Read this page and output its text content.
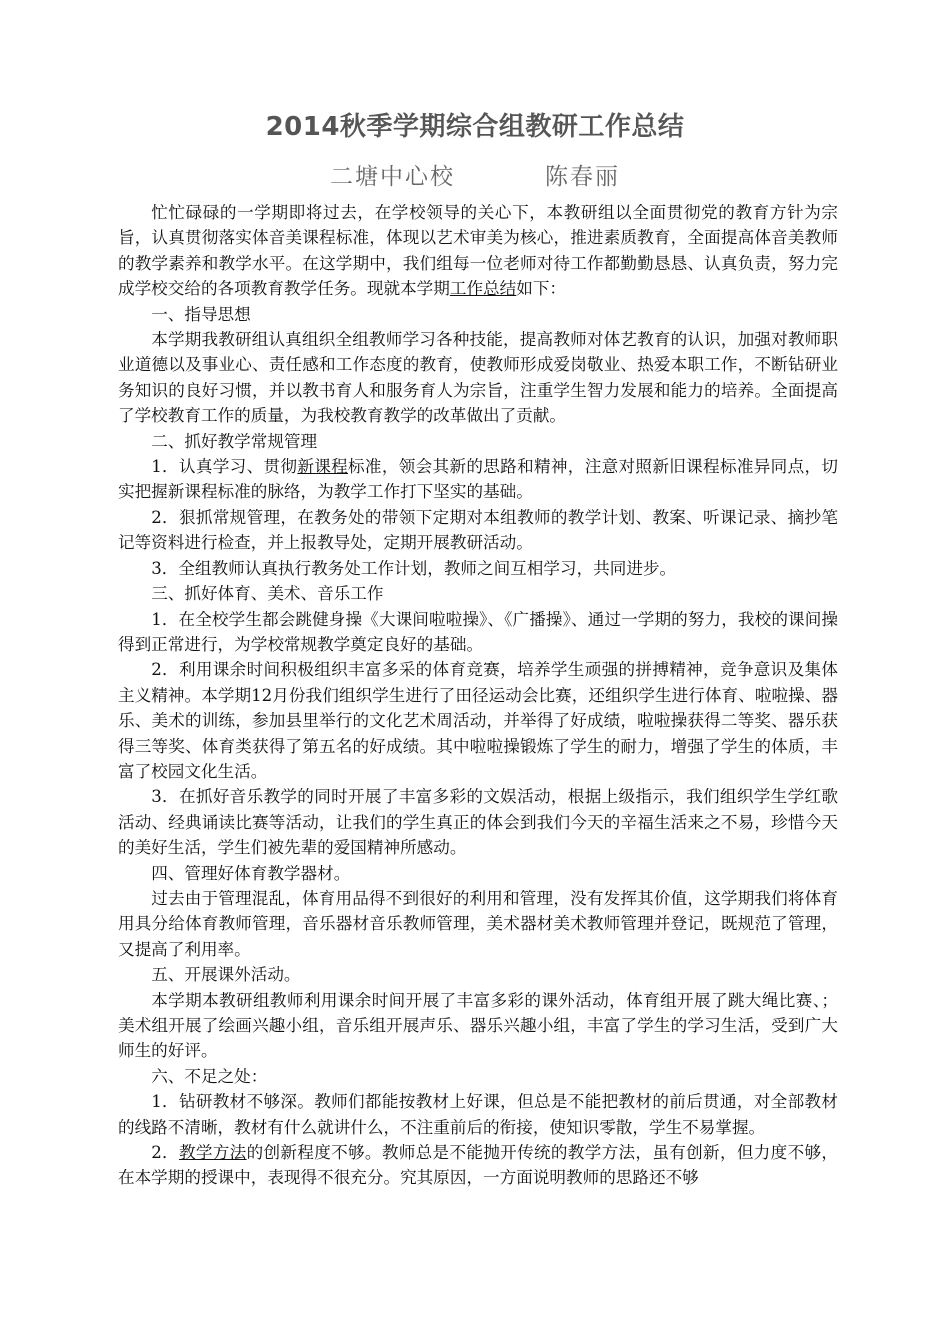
2014秋季学期综合组教研工作总结
二塘中心校	陈春丽

忙忙碌碌的一学期即将过去，在学校领导的关心下，本教研组以全面贯彻党的教育方针为宗旨，认真贯彻落实体音美课程标准，体现以艺术审美为核心，推进素质教育，全面提高体音美教师的教学素养和教学水平。在这学期中，我们组每一位老师对待工作都勤勤恳恳、认真负责，努力完成学校交给的各项教育教学任务。现就本学期工作总结如下：

一、指导思想

本学期我教研组认真组织全组教师学习各种技能，提高教师对体艺教育的认识，加强对教师职业道德以及事业心、责任感和工作态度的教育，使教师形成爱岗敬业、热爱本职工作，不断钻研业务知识的良好习惯，并以教书育人和服务育人为宗旨，注重学生智力发展和能力的培养。全面提高了学校教育工作的质量，为我校教育教学的改革做出了贡献。

二、抓好教学常规管理

1．认真学习、贯彻新课程标准，领会其新的思路和精神，注意对照新旧课程标准异同点，切实把握新课程标准的脉络，为教学工作打下坚实的基础。

2．狠抓常规管理，在教务处的带领下定期对本组教师的教学计划、教案、听课记录、摘抄笔记等资料进行检查，并上报教导处，定期开展教研活动。

3．全组教师认真执行教务处工作计划，教师之间互相学习，共同进步。

三、抓好体育、美术、音乐工作

1．在全校学生都会跳健身操《大课间啦啦操》、《广播操》、通过一学期的努力，我校的课间操得到正常进行，为学校常规教学奠定良好的基础。

2．利用课余时间积极组织丰富多采的体育竞赛，培养学生顽强的拼搏精神，竞争意识及集体主义精神。本学期12月份我们组织学生进行了田径运动会比赛，还组织学生进行体育、啦啦操、器乐、美术的训练，参加县里举行的文化艺术周活动，并举得了好成绩，啦啦操获得二等奖、器乐获得三等奖、体育类获得了第五名的好成绩。其中啦啦操锻炼了学生的耐力，增强了学生的体质，丰富了校园文化生活。

3．在抓好音乐教学的同时开展了丰富多彩的文娱活动，根据上级指示，我们组织学生学红歌活动、经典诵读比赛等活动，让我们的学生真正的体会到我们今天的辛福生活来之不易，珍惜今天的美好生活，学生们被先辈的爱国精神所感动。

四、管理好体育教学器材。

过去由于管理混乱，体育用品得不到很好的利用和管理，没有发挥其价值，这学期我们将体育用具分给体育教师管理，音乐器材音乐教师管理，美术器材美术教师管理并登记，既规范了管理，又提高了利用率。

五、开展课外活动。

本学期本教研组教师利用课余时间开展了丰富多彩的课外活动，体育组开展了跳大绳比赛、；美术组开展了绘画兴趣小组，音乐组开展声乐、器乐兴趣小组，丰富了学生的学习生活，受到广大师生的好评。

六、不足之处：

1．钻研教材不够深。教师们都能按教材上好课，但总是不能把教材的前后贯通，对全部教材的线路不清晰，教材有什么就讲什么，不注重前后的衔接，使知识零散，学生不易掌握。

2．教学方法的创新程度不够。教师总是不能抛开传统的教学方法，虽有创新，但力度不够，在本学期的授课中，表现得不很充分。究其原因，一方面说明教师的思路还不够
